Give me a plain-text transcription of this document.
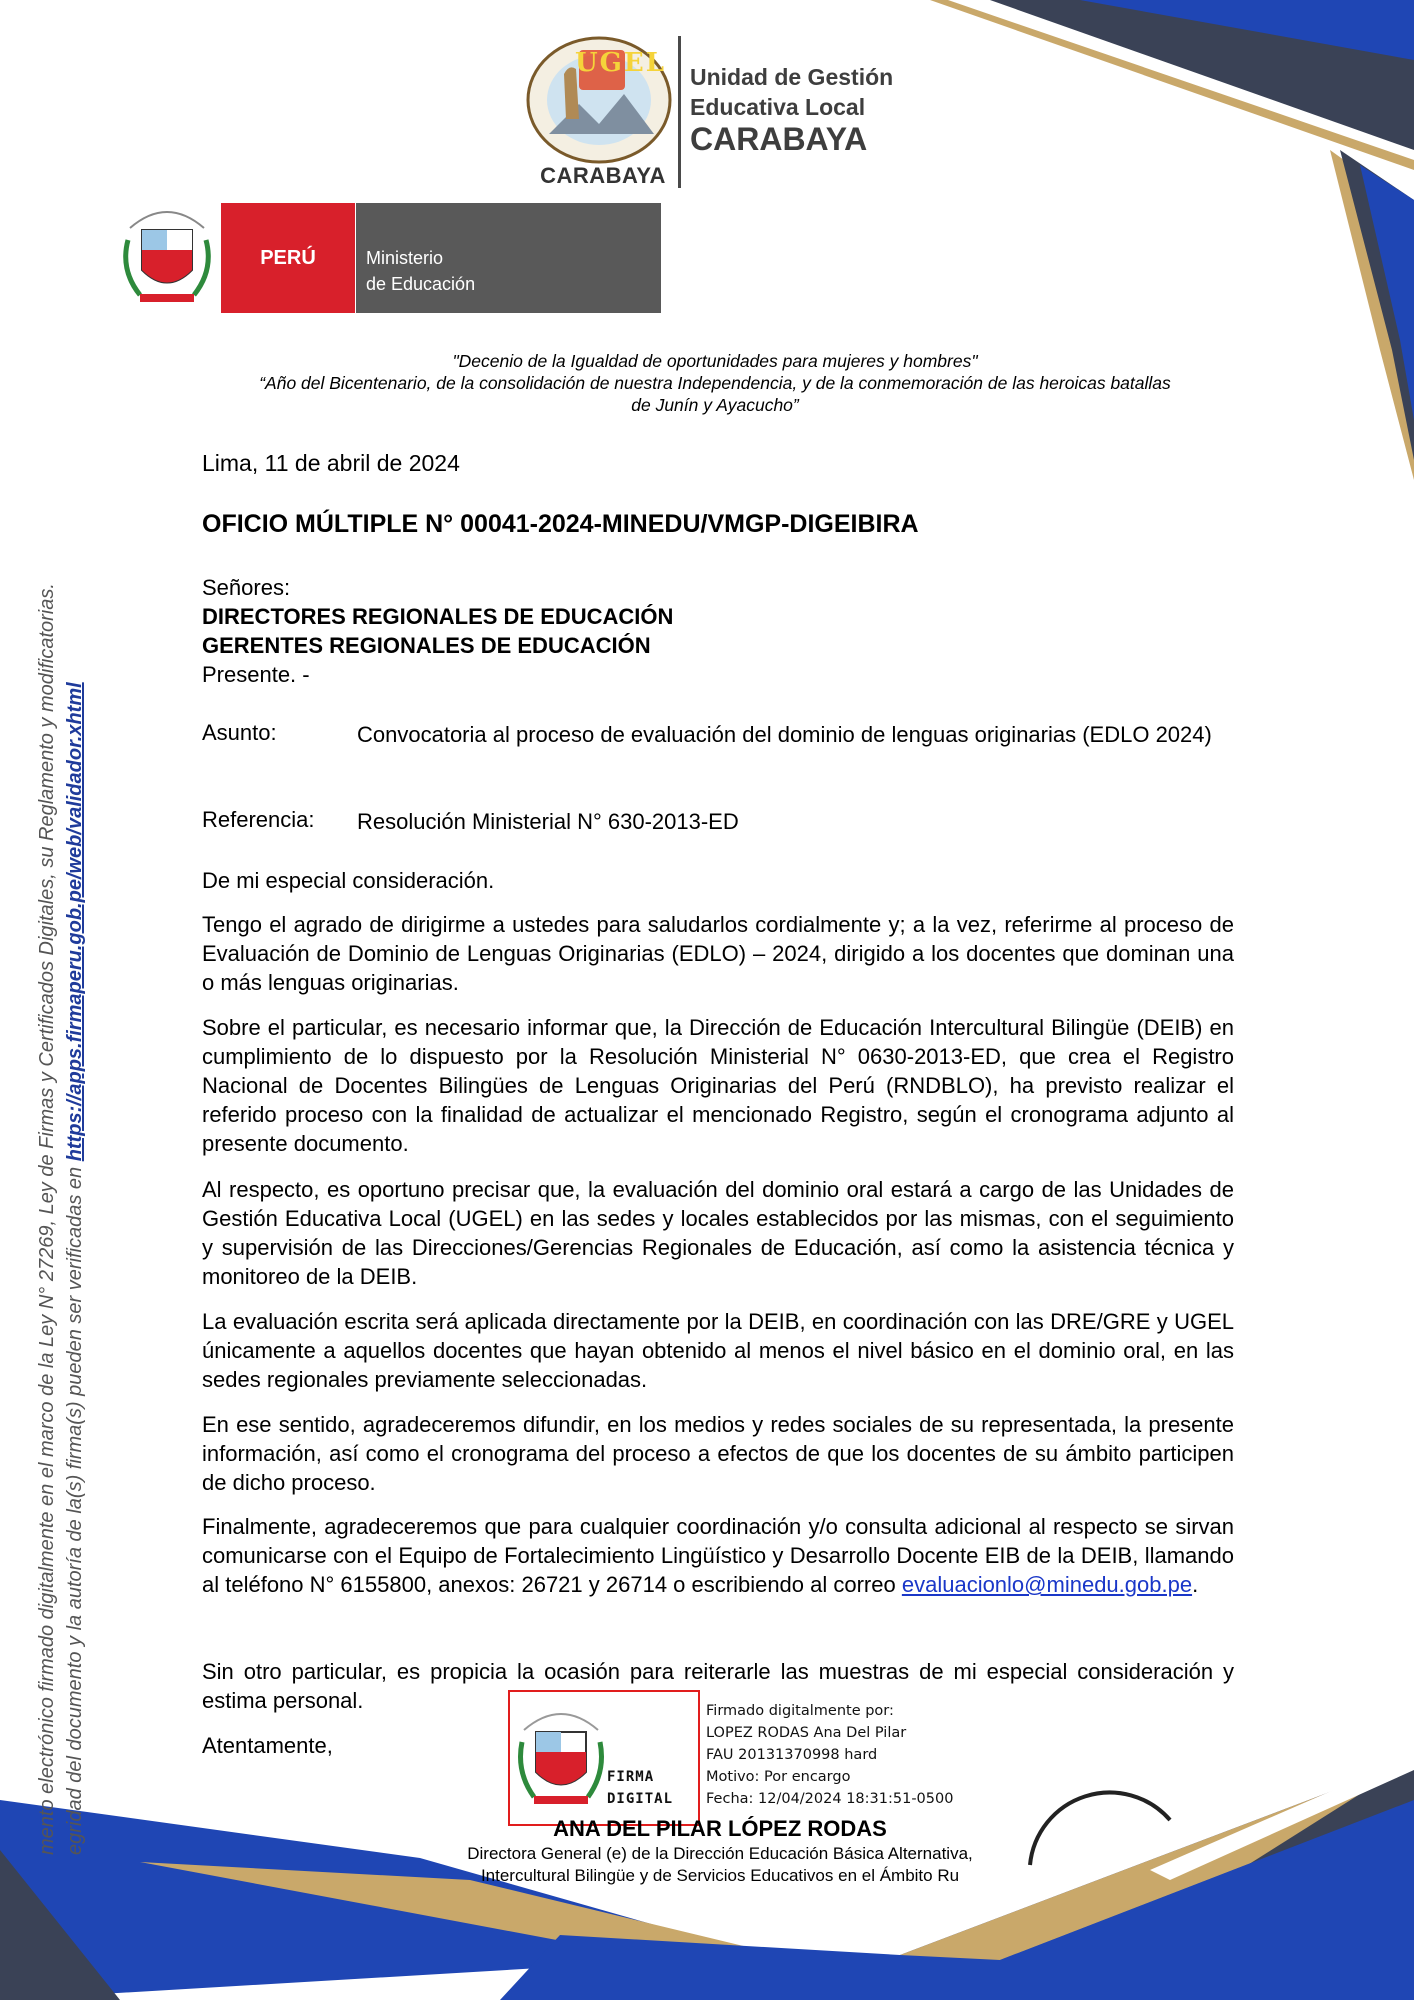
UGEL
CARABAYA
Unidad de Gestión
Educativa Local
CARABAYA
PERÚ	Ministerio
de Educación
"Decenio de la Igualdad de oportunidades para mujeres y hombres"
“Año del Bicentenario, de la consolidación de nuestra Independencia, y de la conmemoración de las heroicas batallas
de Junín y Ayacucho”
Lima, 11 de abril de 2024
OFICIO MÚLTIPLE N° 00041-2024-MINEDU/VMGP-DIGEIBIRA
Señores:
DIRECTORES REGIONALES DE EDUCACIÓN
GERENTES REGIONALES DE EDUCACIÓN
Presente. -
Asunto:	Convocatoria al proceso de evaluación del dominio de lenguas originarias (EDLO 2024)
Referencia: Resolución Ministerial N° 630-2013-ED
De mi especial consideración.
Tengo el agrado de dirigirme a ustedes para saludarlos cordialmente y; a la vez, referirme al proceso de Evaluación de Dominio de Lenguas Originarias (EDLO) – 2024, dirigido a los docentes que dominan una o más lenguas originarias.
Sobre el particular, es necesario informar que, la Dirección de Educación Intercultural Bilingüe (DEIB) en cumplimiento de lo dispuesto por la Resolución Ministerial N° 0630-2013-ED, que crea el Registro Nacional de Docentes Bilingües de Lenguas Originarias del Perú (RNDBLO), ha previsto realizar el referido proceso con la finalidad de actualizar el mencionado Registro, según el cronograma adjunto al presente documento.
Al respecto, es oportuno precisar que, la evaluación del dominio oral estará a cargo de las Unidades de Gestión Educativa Local (UGEL) en las sedes y locales establecidos por las mismas, con el seguimiento y supervisión de las Direcciones/Gerencias Regionales de Educación, así como la asistencia técnica y monitoreo de la DEIB.
La evaluación escrita será aplicada directamente por la DEIB, en coordinación con las DRE/GRE y UGEL únicamente a aquellos docentes que hayan obtenido al menos el nivel básico en el dominio oral, en las sedes regionales previamente seleccionadas.
En ese sentido, agradeceremos difundir, en los medios y redes sociales de su representada, la presente información, así como el cronograma del proceso a efectos de que los docentes de su ámbito participen de dicho proceso.
Finalmente, agradeceremos que para cualquier coordinación y/o consulta adicional al respecto se sirvan comunicarse con el Equipo de Fortalecimiento Lingüístico y Desarrollo Docente EIB de la DEIB, llamando al teléfono N° 6155800, anexos: 26721 y 26714 o escribiendo al correo evaluacionlo@minedu.gob.pe.
Sin otro particular, es propicia la ocasión para reiterarle las muestras de mi especial consideración y estima personal.
Atentamente,
FIRMA
DIGITAL
Firmado digitalmente por:
LOPEZ RODAS Ana Del Pilar
FAU 20131370998 hard
Motivo: Por encargo
Fecha: 12/04/2024 18:31:51-0500
ANA DEL PILAR LÓPEZ RODAS
Directora General (e) de la Dirección Educación Básica Alternativa,
Intercultural Bilingüe y de Servicios Educativos en el Ámbito Ru
mento electrónico firmado digitalmente en el marco de la Ley N° 27269, Ley de Firmas y Certificados Digitales, su Reglamento y modificatorias. egridad del documento y la autoría de la(s) firma(s) pueden ser verificadas en https://apps.firmaperu.gob.pe/web/validador.xhtml
